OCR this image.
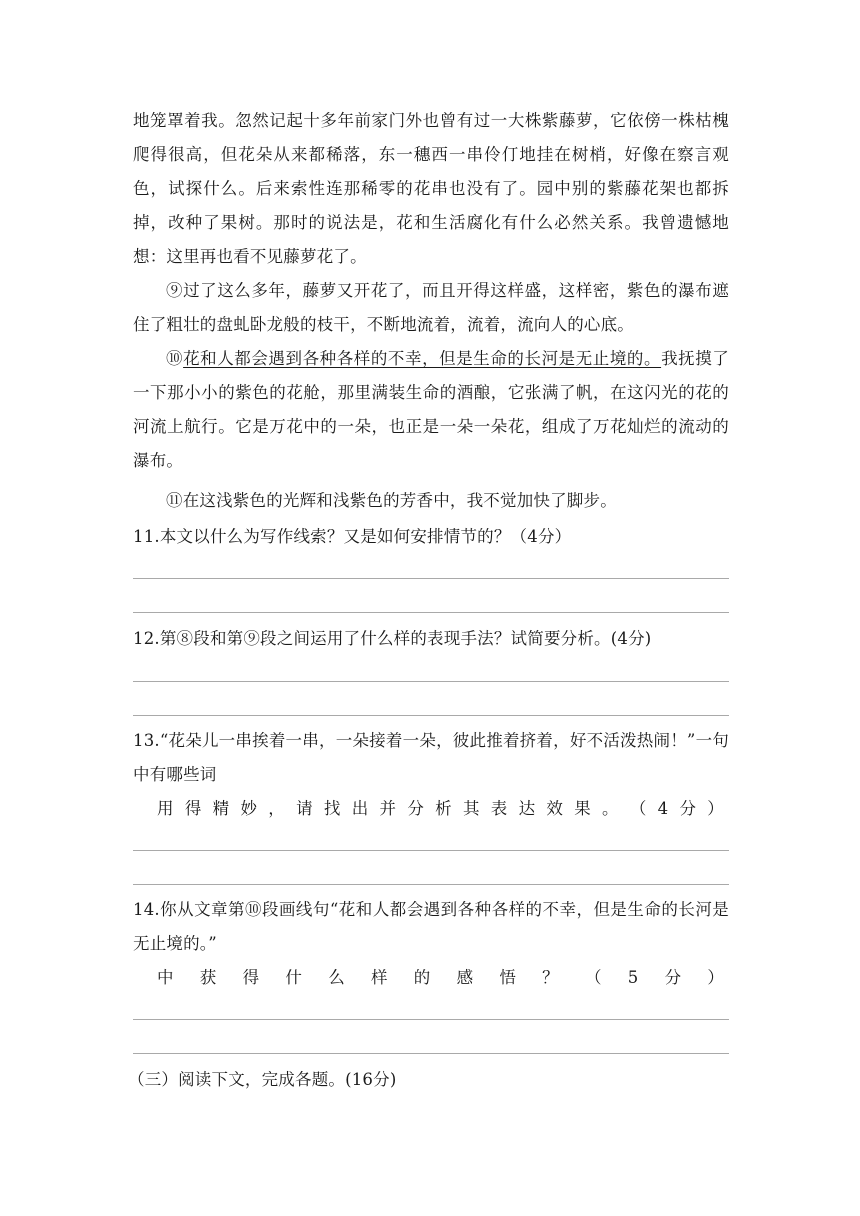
地笼罩着我。忽然记起十多年前家门外也曾有过一大株紫藤萝，它依傍一株枯槐爬得很高，但花朵从来都稀落，东一穗西一串伶仃地挂在树梢，好像在察言观色，试探什么。后来索性连那稀零的花串也没有了。园中别的紫藤花架也都拆掉，改种了果树。那时的说法是，花和生活腐化有什么必然关系。我曾遗憾地想：这里再也看不见藤萝花了。

⑨过了这么多年，藤萝又开花了，而且开得这样盛，这样密，紫色的瀑布遮住了粗壮的盘虬卧龙般的枝干，不断地流着，流着，流向人的心底。

⑩花和人都会遇到各种各样的不幸，但是生命的长河是无止境的。我抚摸了一下那小小的紫色的花舱，那里满装生命的酒酿，它张满了帆，在这闪光的花的河流上航行。它是万花中的一朵，也正是一朵一朵花，组成了万花灿烂的流动的瀑布。

⑪在这浅紫色的光辉和浅紫色的芳香中，我不觉加快了脚步。

11.本文以什么为写作线索？又是如何安排情节的？（4分）

12.第⑧段和第⑨段之间运用了什么样的表现手法？试简要分析。(4分)

13.“花朵儿一串挨着一串，一朵接着一朵，彼此推着挤着，好不活泼热闹！”一句中有哪些词

用 得 精 妙 ， 请 找 出 并 分 析 其 表 达 效 果 。 （ 4 分 ）

14.你从文章第⑩段画线句“花和人都会遇到各种各样的不幸，但是生命的长河是无止境的。”

中 获 得 什 么 样 的 感 悟 ？ （ 5 分 ）

（三）阅读下文，完成各题。(16分)
